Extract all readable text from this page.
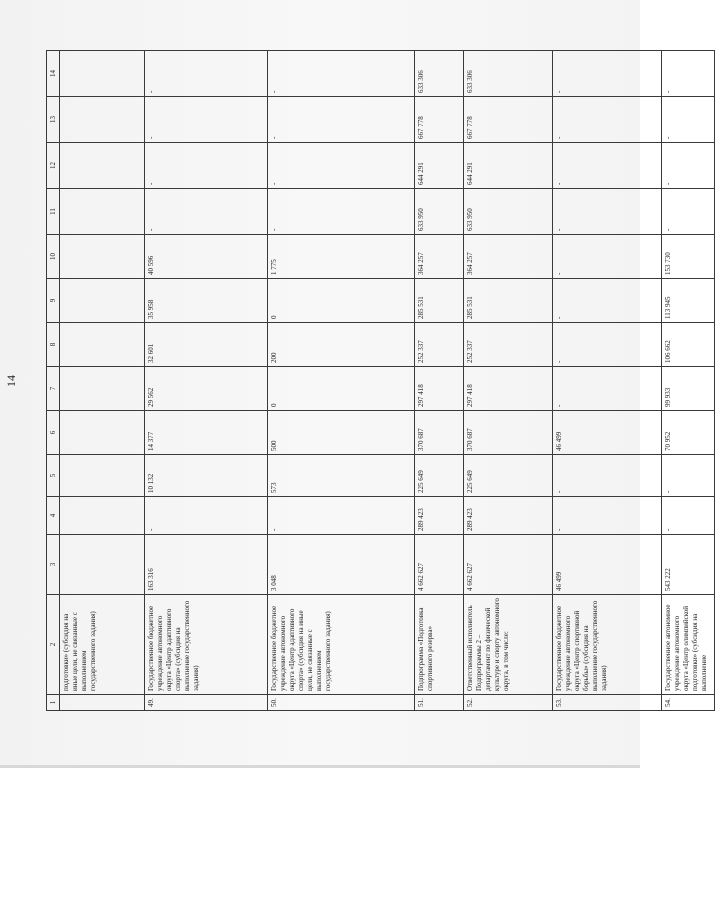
14
1	2	3	4	5	6	7	8	9	10	11	12	13	14
	подготовки» (субсидия на иные цели, не связанные с выполнением государственного задания)												
49.	Государственное бюджетное учреждение автономного округа «Центр адаптивного спорта» (субсидия на выполнение государственного задания)	163 316	-	10 132	14 377	29 562	32 601	35 958	40 596	-	-	-	-
50.	Государственное бюджетное учреждение автономного округа «Центр адаптивного спорта» (субсидия на иные цели, не связанные с выполнением государственного задания)	3 048	-	573	500	0	200	0	1 775	-	-	-	-
51.	Подпрограмма «Подготовка спортивного резерва»	4 662 627	289 423	225 649	370 687	297 418	252 337	285 531	364 257	633 950	644 291	667 778	633 306
52.	Ответственный исполнитель Подпрограммы 2 – департамент по физической культуре и спорту автономного округа, в том числе:	4 662 627	289 423	225 649	370 687	297 418	252 337	285 531	364 257	633 950	644 291	667 778	633 306
53.	Государственное бюджетное учреждение автономного округа «Центр спортивной борьбы» (субсидия на выполнение государственного задания)	46 499	-	-	46 499	-	-	-	-	-	-	-	-
54.	Государственное автономное учреждение автономного округа «Центр олимпийской подготовки» (субсидия на выполнение	543 222	-	-	70 952	99 933	106 662	113 945	153 730	-	-	-	-
